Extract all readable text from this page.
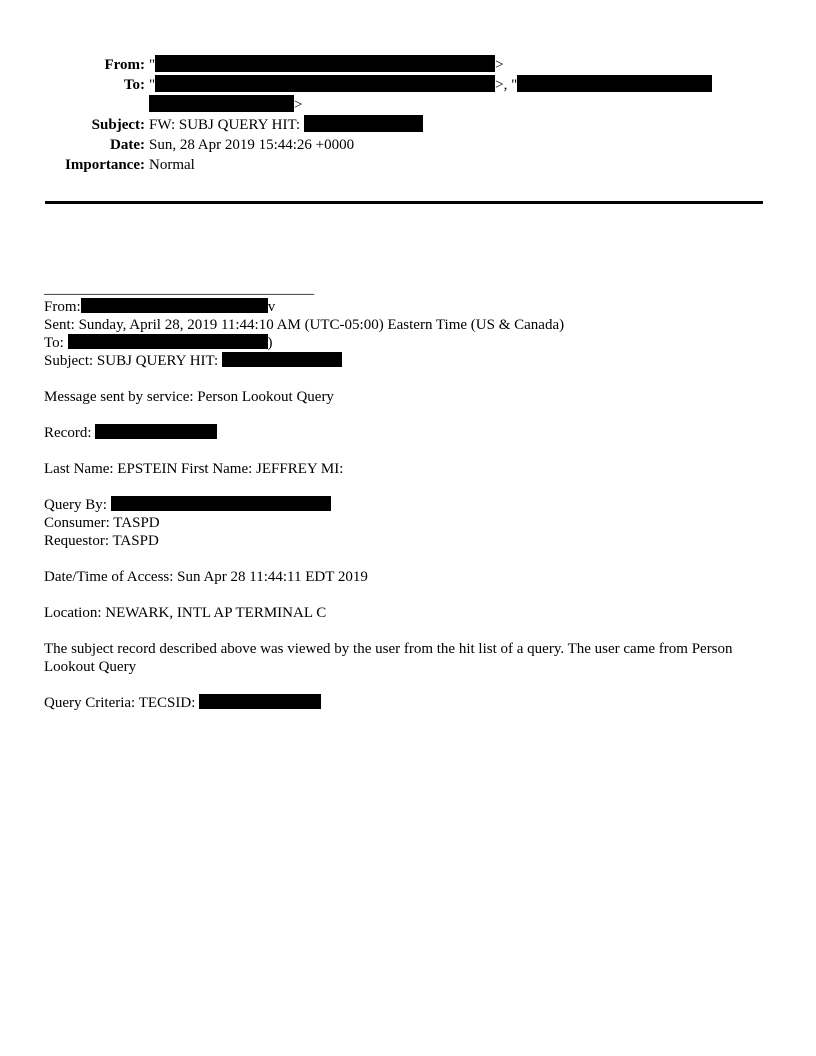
From: "	>
To: "	>, "
>
Subject: FW: SUBJ QUERY HIT:
Date: Sun, 28 Apr 2019 15:44:26 +0000
Importance: Normal
____________________________________
From:	v
Sent: Sunday, April 28, 2019 11:44:10 AM (UTC-05:00) Eastern Time (US & Canada)
To:	)
Subject: SUBJ QUERY HIT:

Message sent by service: Person Lookout Query

Record:

Last Name: EPSTEIN First Name: JEFFREY MI:

Query By:
Consumer: TASPD
Requestor: TASPD

Date/Time of Access: Sun Apr 28 11:44:11 EDT 2019

Location: NEWARK, INTL AP TERMINAL C

The subject record described above was viewed by the user from the hit list of a query. The user came from Person Lookout Query

Query Criteria: TECSID:
